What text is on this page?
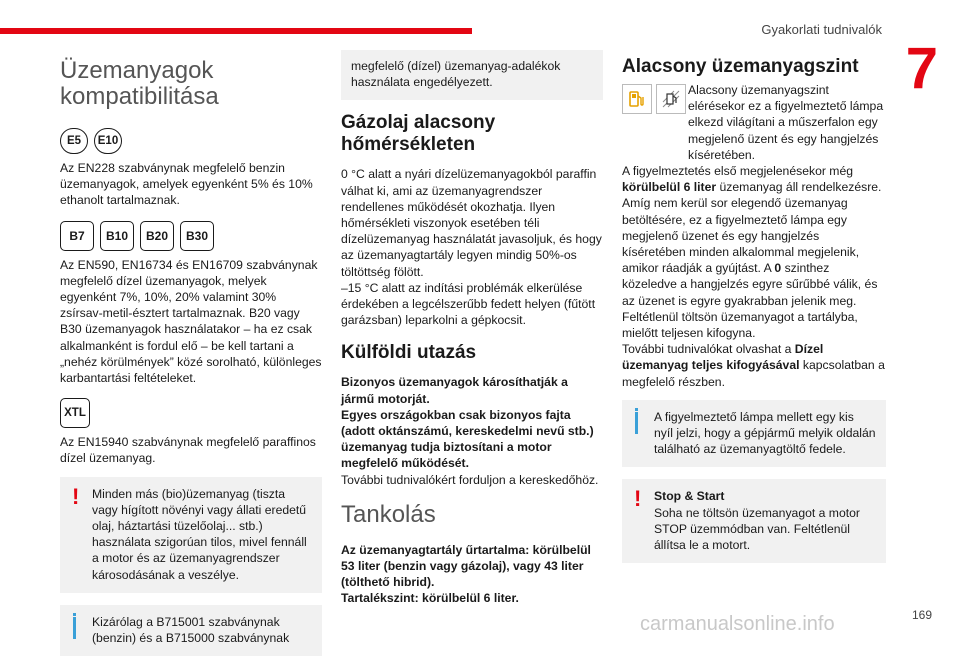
Gyakorlati tudnivalók
7
Üzemanyagok kompatibilitása
E5	E10

Az EN228 szabványnak megfelelő benzin üzemanyagok, amelyek egyenként 5% és 10% ethanolt tartalmaznak.

B7	B10	B20	B30

Az EN590, EN16734 és EN16709 szabványnak megfelelő dízel üzemanyagok, melyek egyenként 7%, 10%, 20% valamint 30% zsírsav-metil-észtert tartalmaznak. B20 vagy B30 üzemanyagok használatakor – ha ez csak alkalmanként is fordul elő – be kell tartani a „nehéz körülmények” közé sorolható, különleges karbantartási feltételeket.

XTL

Az EN15940 szabványnak megfelelő paraffinos dízel üzemanyag.

! Minden más (bio)üzemanyag (tiszta vagy hígított növényi vagy állati eredetű olaj, háztartási tüzelőolaj... stb.) használata szigorúan tilos, mivel fennáll a motor és az üzemanyagrendszer károsodásának a veszélye.

Kizárólag a B715001 szabványnak (benzin) és a B715000 szabványnak

megfelelő (dízel) üzemanyag-adalékok használata engedélyezett.

Gázolaj alacsony hőmérsékleten

0 °C alatt a nyári dízelüzemanyagokból paraffin válhat ki, ami az üzemanyagrendszer rendellenes működését okozhatja. Ilyen hőmérsékleti viszonyok esetében téli dízelüzemanyag használatát javasoljuk, és hogy az üzemanyagtartály legyen mindig 50%-os töltöttség fölött.

–15 °C alatt az indítási problémák elkerülése érdekében a legcélszerűbb fedett helyen (fűtött garázsban) leparkolni a gépkocsit.

Külföldi utazás

Bizonyos üzemanyagok károsíthatják a jármű motorját.

Egyes országokban csak bizonyos fajta (adott oktánszámú, kereskedelmi nevű stb.) üzemanyag tudja biztosítani a motor megfelelő működését.

További tudnivalókért forduljon a kereskedőhöz.

Tankolás

Az üzemanyagtartály űrtartalma: körülbelül 53 liter (benzin vagy gázolaj), vagy 43 liter (tölthető hibrid).

Tartalékszint: körülbelül 6 liter.

Alacsony üzemanyagszint

Alacsony üzemanyagszint elérésekor ez a figyelmeztető lámpa elkezd világítani a műszerfalon egy megjelenő üzent és egy hangjelzés kíséretében.

A figyelmeztetés első megjelenésekor még körülbelül 6 liter üzemanyag áll rendelkezésre.

Amíg nem kerül sor elegendő üzemanyag betöltésére, ez a figyelmeztető lámpa egy megjelenő üzenet és egy hangjelzés kíséretében minden alkalommal megjelenik, amikor ráadják a gyújtást. A 0 szinthez közeledve a hangjelzés egyre sűrűbbé válik, és az üzenet is egyre gyakrabban jelenik meg.

Feltétlenül töltsön üzemanyagot a tartályba, mielőtt teljesen kifogyna.

További tudnivalókat olvashat a Dízel üzemanyag teljes kifogyásával kapcsolatban a megfelelő részben.

A figyelmeztető lámpa mellett egy kis nyíl jelzi, hogy a gépjármű melyik oldalán található az üzemanyagtöltő fedele.

! Stop & Start

Soha ne töltsön üzemanyagot a motor STOP üzemmódban van. Feltétlenül állítsa le a motort.

169
carmanualsonline.info
